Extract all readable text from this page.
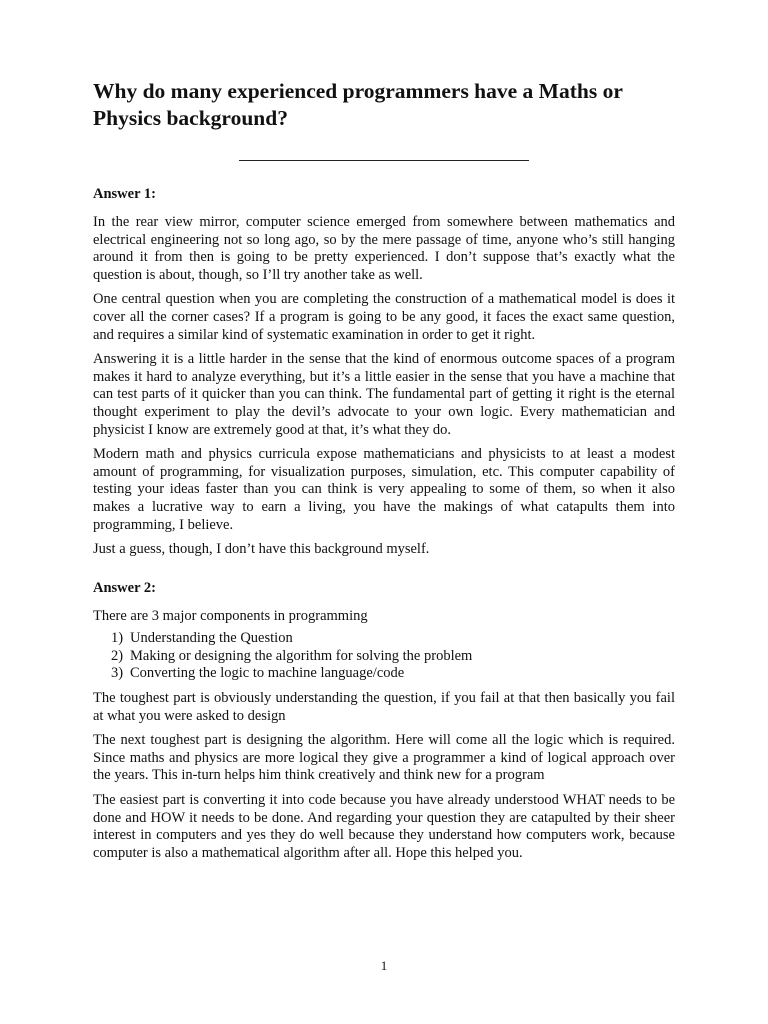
Why do many experienced programmers have a Maths or Physics background?
Answer 1:

In the rear view mirror, computer science emerged from somewhere between mathematics and electrical engineering not so long ago, so by the mere passage of time, anyone who’s still hanging around it from then is going to be pretty experienced. I don’t suppose that’s exactly what the question is about, though, so I’ll try another take as well.

One central question when you are completing the construction of a mathematical model is does it cover all the corner cases? If a program is going to be any good, it faces the exact same question, and requires a similar kind of systematic examination in order to get it right.

Answering it is a little harder in the sense that the kind of enormous outcome spaces of a program makes it hard to analyze everything, but it’s a little easier in the sense that you have a machine that can test parts of it quicker than you can think. The fundamental part of getting it right is the eternal thought experiment to play the devil’s advocate to your own logic. Every mathematician and physicist I know are extremely good at that, it’s what they do.

Modern math and physics curricula expose mathematicians and physicists to at least a modest amount of programming, for visualization purposes, simulation, etc. This computer capability of testing your ideas faster than you can think is very appealing to some of them, so when it also makes a lucrative way to earn a living, you have the makings of what catapults them into programming, I believe.

Just a guess, though, I don’t have this background myself.

Answer 2:

There are 3 major components in programming

1) Understanding the Question
2) Making or designing the algorithm for solving the problem
3) Converting the logic to machine language/code

The toughest part is obviously understanding the question, if you fail at that then basically you fail at what you were asked to design

The next toughest part is designing the algorithm. Here will come all the logic which is required. Since maths and physics are more logical they give a programmer a kind of logical approach over the years. This in-turn helps him think creatively and think new for a program

The easiest part is converting it into code because you have already understood WHAT needs to be done and HOW it needs to be done. And regarding your question they are catapulted by their sheer interest in computers and yes they do well because they understand how computers work, because computer is also a mathematical algorithm after all. Hope this helped you.

1
